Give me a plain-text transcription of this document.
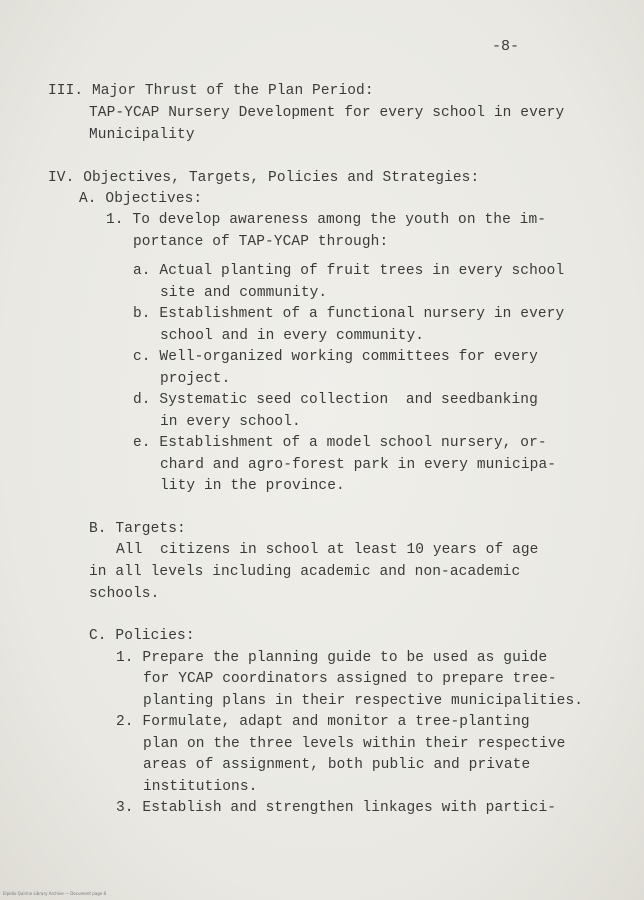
-8-
III. Major Thrust of the Plan Period:
TAP-YCAP Nursery Development for every school in every
Municipality
IV. Objectives, Targets, Policies and Strategies:
A. Objectives:
1. To develop awareness among the youth on the im-
portance of TAP-YCAP through:
a. Actual planting of fruit trees in every school
site and community.
b. Establishment of a functional nursery in every
school and in every community.
c. Well-organized working committees for every
project.
d. Systematic seed collection  and seedbanking
in every school.
e. Establishment of a model school nursery, or-
chard and agro-forest park in every municipa-
lity in the province.
B. Targets:
All  citizens in school at least 10 years of age
in all levels including academic and non-academic
schools.
C. Policies:
1. Prepare the planning guide to be used as guide
for YCAP coordinators assigned to prepare tree-
planting plans in their respective municipalities.
2. Formulate, adapt and monitor a tree-planting
plan on the three levels within their respective
areas of assignment, both public and private
institutions.
3. Establish and strengthen linkages with partici-
Elpidio Quirino Library Archive — Document page 8
